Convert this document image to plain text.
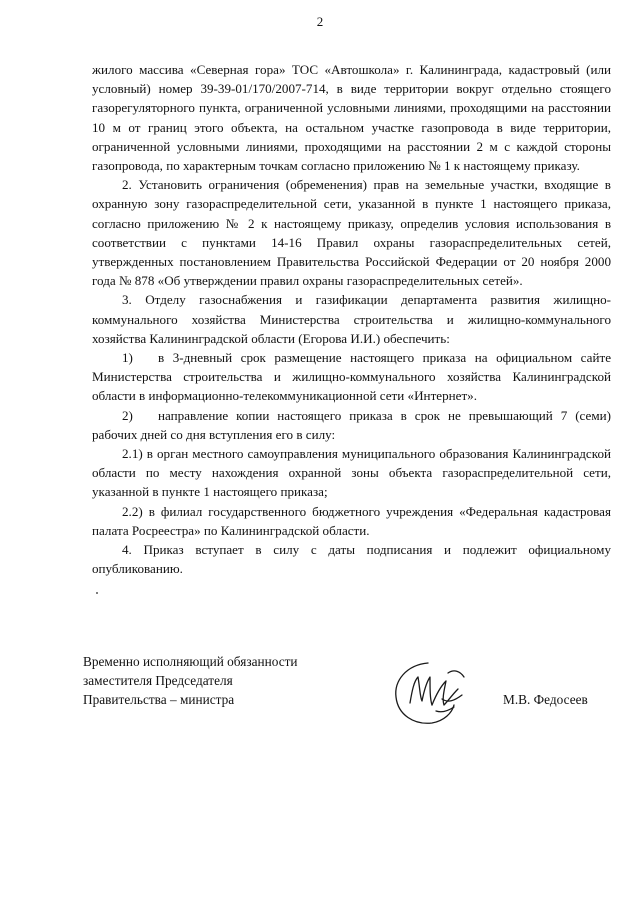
2

жилого массива «Северная гора» ТОС «Автошкола» г. Калининграда, кадастровый (или условный) номер 39-39-01/170/2007-714, в виде территории вокруг отдельно стоящего газорегуляторного пункта, ограниченной условными линиями, проходящими на расстоянии 10 м от границ этого объекта, на остальном участке газопровода в виде территории, ограниченной условными линиями, проходящими на расстоянии 2 м с каждой стороны газопровода, по характерным точкам согласно приложению № 1 к настоящему приказу.

2. Установить ограничения (обременения) прав на земельные участки, входящие в охранную зону газораспределительной сети, указанной в пункте 1 настоящего приказа, согласно приложению № 2 к настоящему приказу, определив условия использования в соответствии с пунктами 14-16 Правил охраны газораспределительных сетей, утвержденных постановлением Правительства Российской Федерации от 20 ноября 2000 года № 878 «Об утверждении правил охраны газораспределительных сетей».

3. Отделу газоснабжения и газификации департамента развития жилищно-коммунального хозяйства Министерства строительства и жилищно-коммунального хозяйства Калининградской области (Егорова И.И.) обеспечить:

1) в 3-дневный срок размещение настоящего приказа на официальном сайте Министерства строительства и жилищно-коммунального хозяйства Калининградской области в информационно-телекоммуникационной сети «Интернет».

2) направление копии настоящего приказа в срок не превышающий 7 (семи) рабочих дней со дня вступления его в силу:

2.1) в орган местного самоуправления муниципального образования Калининградской области по месту нахождения охранной зоны объекта газораспределительной сети, указанной в пункте 1 настоящего приказа;

2.2) в филиал государственного бюджетного учреждения «Федеральная кадастровая палата Росреестра» по Калининградской области.

4. Приказ вступает в силу с даты подписания и подлежит официальному опубликованию.

Временно исполняющий обязанности
заместителя Председателя
Правительства – министра	М.В. Федосеев
